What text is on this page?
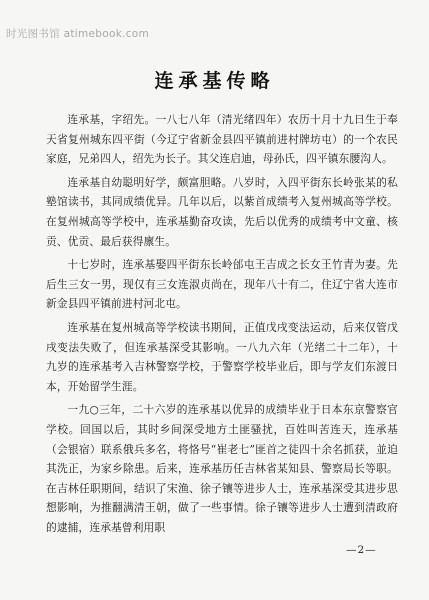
时光图书馆 atimebook.com
连承基传略

连承基，字绍先。一八七八年（清光绪四年）农历十月十九日生于奉天省复州城东四平街（今辽宁省新金县四平镇前进村牌坊屯）的一个农民家庭，兄弟四人，绍先为长子。其父连启迪，母孙氏，四平镇东腰沟人。

连承基自幼聪明好学，颇富胆略。八岁时，入四平街东长岭张某的私塾馆读书，其同成绩优异。几年以后，以紫首成绩考入复州城高等学校。在复州城高等学校中，连承基勤奋攻读，先后以优秀的成绩考中文童、核贡、优贡、最后获得廪生。

十七岁时，连承基娶四平街东长岭邰屯王吉成之长女王竹青为妻。先后生三女一男，现仅有三女连淑贞尚在，现年八十有二，住辽宁省大连市新金县四平镇前进村河北屯。

连承基在复州城高等学校读书期间，正值戊戌变法运动，后来仅管戊戌变法失败了，但连承基深受其影响。一八九六年（光绪二十二年），十九岁的连承基考入吉林警察学校，于警察学校毕业后，即与学友们东渡日本，开始留学生涯。

一九○三年，二十六岁的连承基以优异的成绩毕业于日本东京警察官学校。回国以后，其时乡间深受地方土匪骚扰，百姓叫苦连天，连承基（会银宿）联系俄兵多名，将恪号“崔老七”匪首之徒四十余名抓获，並迫其洗正，为家乡除患。后来，连承基历任吉林省某知县、警察局长等职。在吉林任职期间，结识了宋渔、徐子镶等进步人士，连承基深受其进步思想影响，为推翻满清王朝，做了一些事情。徐子镶等进步人士遭到清政府的逮捕，连承基曾利用职

—2—
